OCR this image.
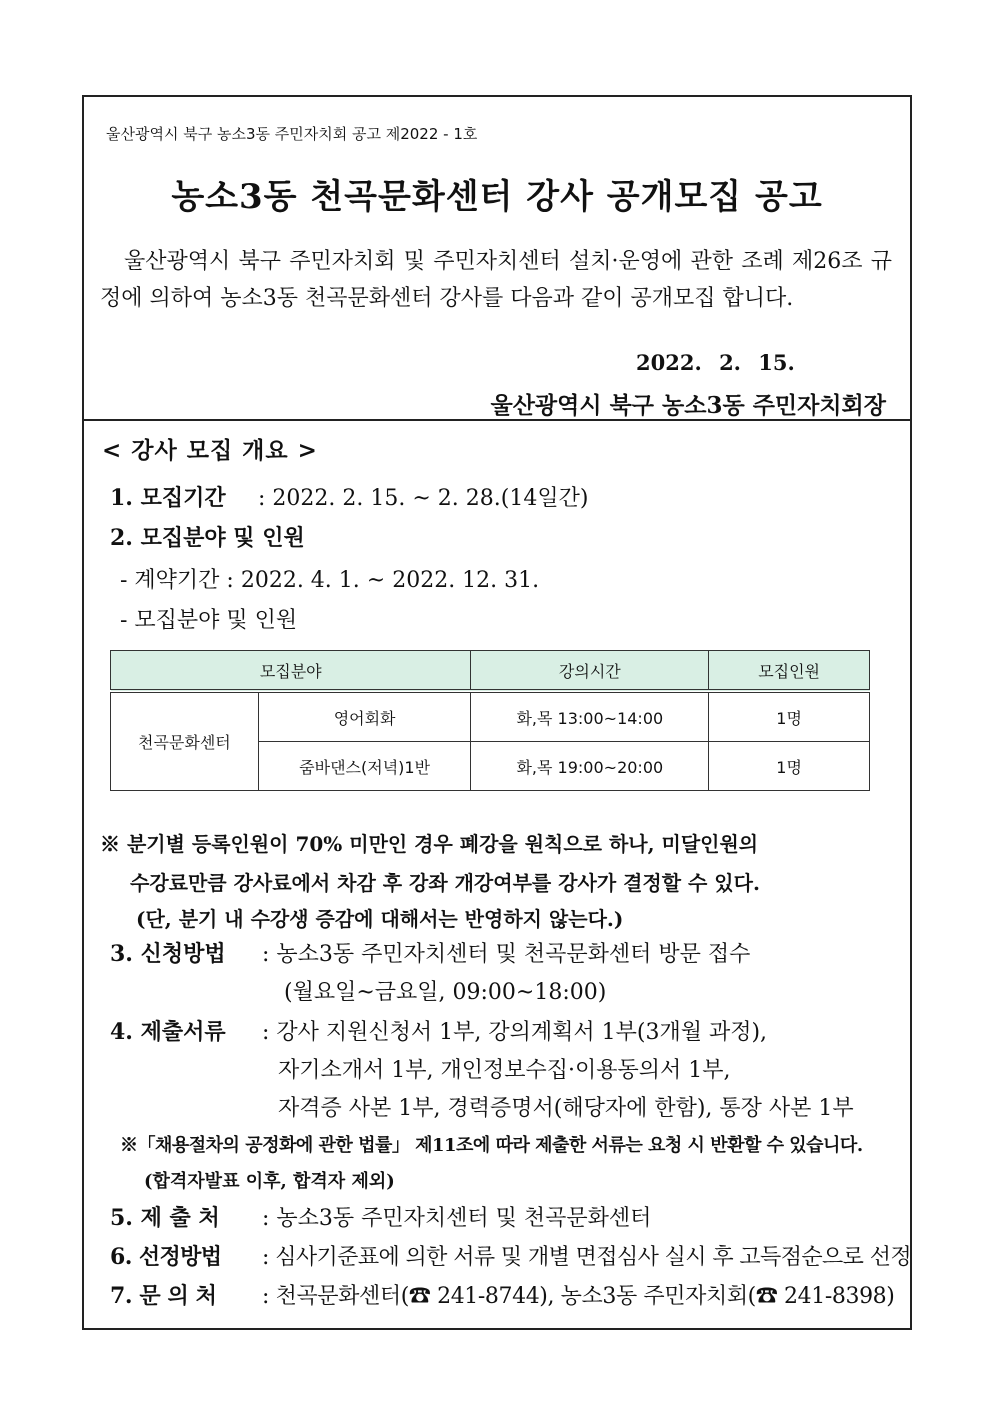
울산광역시 북구 농소3동 주민자치회 공고 제2022 - 1호
농소3동 천곡문화센터 강사 공개모집 공고
울산광역시 북구 주민자치회 및 주민자치센터 설치·운영에 관한 조례 제26조 규정에 의하여 농소3동 천곡문화센터 강사를 다음과 같이 공개모집 합니다.
2022. 2. 15.
울산광역시 북구 농소3동 주민자치회장
< 강사 모집 개요 >
1. 모집기간 : 2022. 2. 15. ~ 2. 28.(14일간)
2. 모집분야 및 인원
- 계약기간 : 2022. 4. 1. ~ 2022. 12. 31.
- 모집분야 및 인원
모집분야		강의시간	모집인원
천곡문화센터	영어회화	화,목 13:00~14:00	1명
	줌바댄스(저녁)1반	화,목 19:00~20:00	1명
※ 분기별 등록인원이 70% 미만인 경우 폐강을 원칙으로 하나, 미달인원의
수강료만큼 강사료에서 차감 후 강좌 개강여부를 강사가 결정할 수 있다.
(단, 분기 내 수강생 증감에 대해서는 반영하지 않는다.)
3. 신청방법 : 농소3동 주민자치센터 및 천곡문화센터 방문 접수
(월요일~금요일, 09:00~18:00)
4. 제출서류 : 강사 지원신청서 1부, 강의계획서 1부(3개월 과정),
자기소개서 1부, 개인정보수집·이용동의서 1부,
자격증 사본 1부, 경력증명서(해당자에 한함), 통장 사본 1부
※「채용절차의 공정화에 관한 법률」 제11조에 따라 제출한 서류는 요청 시 반환할 수 있습니다.
(합격자발표 이후, 합격자 제외)
5. 제 출 처 : 농소3동 주민자치센터 및 천곡문화센터
6. 선정방법 : 심사기준표에 의한 서류 및 개별 면접심사 실시 후 고득점순으로 선정
7. 문 의 처 : 천곡문화센터(☎ 241-8744), 농소3동 주민자치회(☎ 241-8398)
